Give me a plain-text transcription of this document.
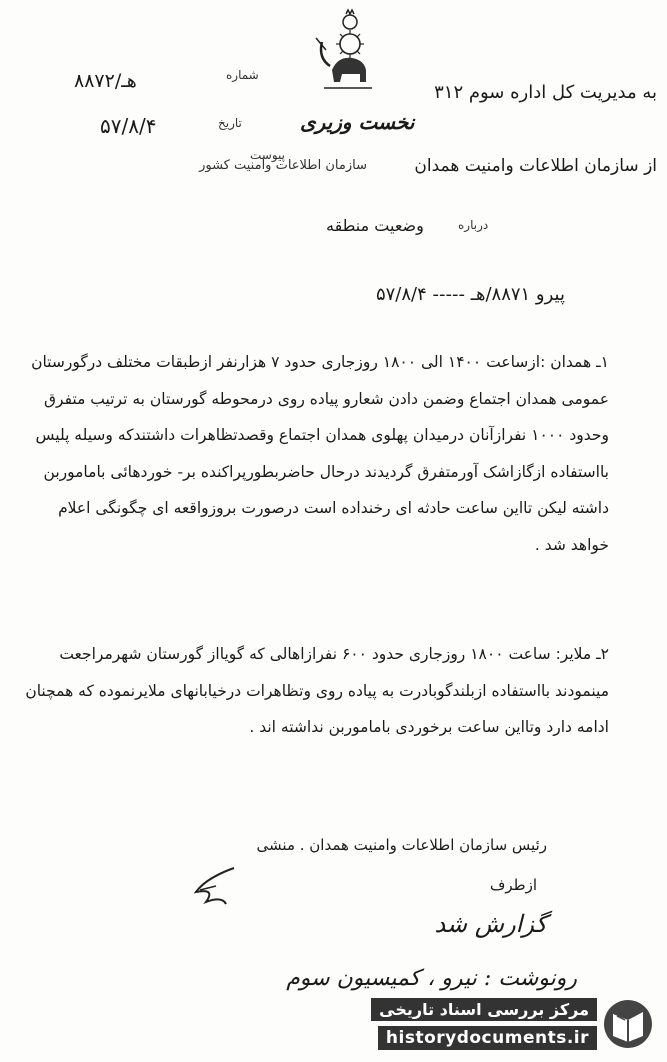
به مدیریت کل اداره سوم ۳۱۲
نخست وزیری
از سازمان اطلاعات وامنیت همدان
سازمان اطلاعات وامنیت کشور
شماره
۸۸۷۲/هـ
تاریخ
۵۷/۸/۴
پیوست
درباره
وضعیت منطقه
پیرو ۸۸۷۱/هـ ----- ۵۷/۸/۴
۱ـ همدان :ازساعت ۱۴۰۰ الی ۱۸۰۰ روزجاری حدود ۷ هزارنفر ازطبقات مختلف درگورستان عمومی همدان اجتماع وضمن دادن شعارو پیاده روی درمحوطه گورستان به ترتیب متفرق وحدود ۱۰۰۰ نفرازآنان درمیدان پهلوی همدان اجتماع وقصدتظاهرات داشتندکه وسیله پلیس بااستفاده ازگازاشک آورمتفرق گردیدند درحال حاضربطورپراکنده بر- خوردهائی باماموربن داشته لیکن تااین ساعت حادثه ای رخنداده است درصورت بروزواقعه ای چگونگی اعلام خواهد شد .
۲ـ ملایر: ساعت ۱۸۰۰ روزجاری حدود ۶۰۰ نفرازاهالی که گویااز گورستان شهرمراجعت مینمودند بااستفاده ازبلندگوبادرت به پیاده روی وتظاهرات درخیابانهای ملایرنموده که همچنان ادامه دارد وتااین ساعت برخوردی باماموربن نداشته اند .
رئیس سازمان اطلاعات وامنیت همدان . منشی
ازطرف
گزارش شد
رونوشت : نیرو ، کمیسیون سوم
مرکز بررسی اسناد تاریخی
historydocuments.ir
